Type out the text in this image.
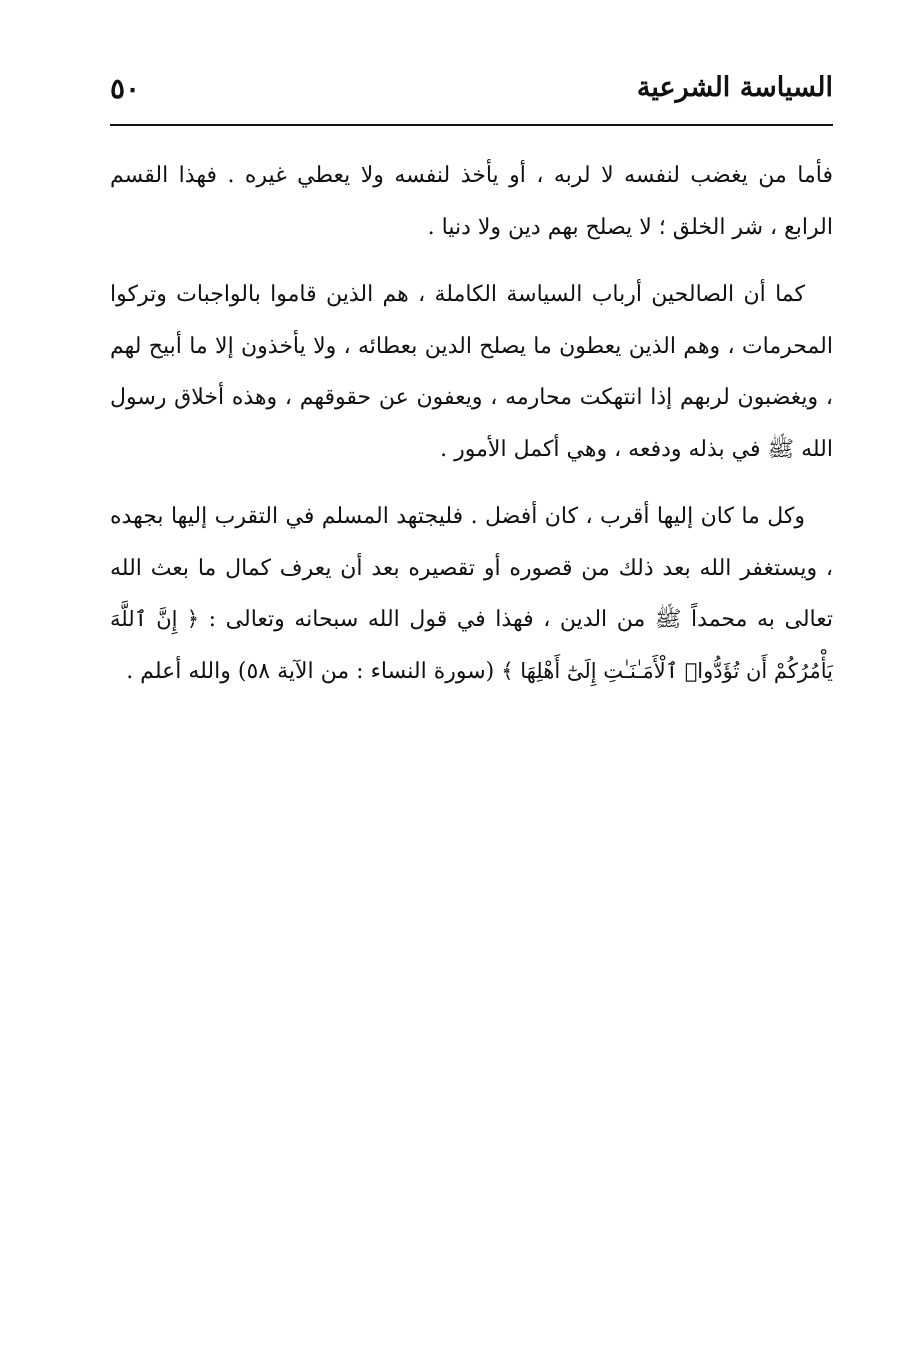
السياسة الشرعية
٥٠

فأما من يغضب لنفسه لا لربه ، أو يأخذ لنفسه ولا يعطي غيره . فهذا القسم الرابع ، شر الخلق ؛ لا يصلح بهم دين ولا دنيا .

كما أن الصالحين أرباب السياسة الكاملة ، هم الذين قاموا بالواجبات وتركوا المحرمات ، وهم الذين يعطون ما يصلح الدين بعطائه ، ولا يأخذون إلا ما أبيح لهم ، ويغضبون لربهم إذا انتهكت محارمه ، ويعفون عن حقوقهم ، وهذه أخلاق رسول الله ﷺ في بذله ودفعه ، وهي أكمل الأمور .

وكل ما كان إليها أقرب ، كان أفضل . فليجتهد المسلم في التقرب إليها بجهده ، ويستغفر الله بعد ذلك من قصوره أو تقصيره بعد أن يعرف كمال ما بعث الله تعالى به محمداً ﷺ من الدين ، فهذا في قول الله سبحانه وتعالى : ﴿ إِنَّ ٱللَّهَ يَأْمُرُكُمْ أَن تُؤَدُّوا۟ ٱلْأَمَـٰنَـٰتِ إِلَىٰٓ أَهْلِهَا ﴾ (سورة النساء : من الآية ٥٨) والله أعلم .
